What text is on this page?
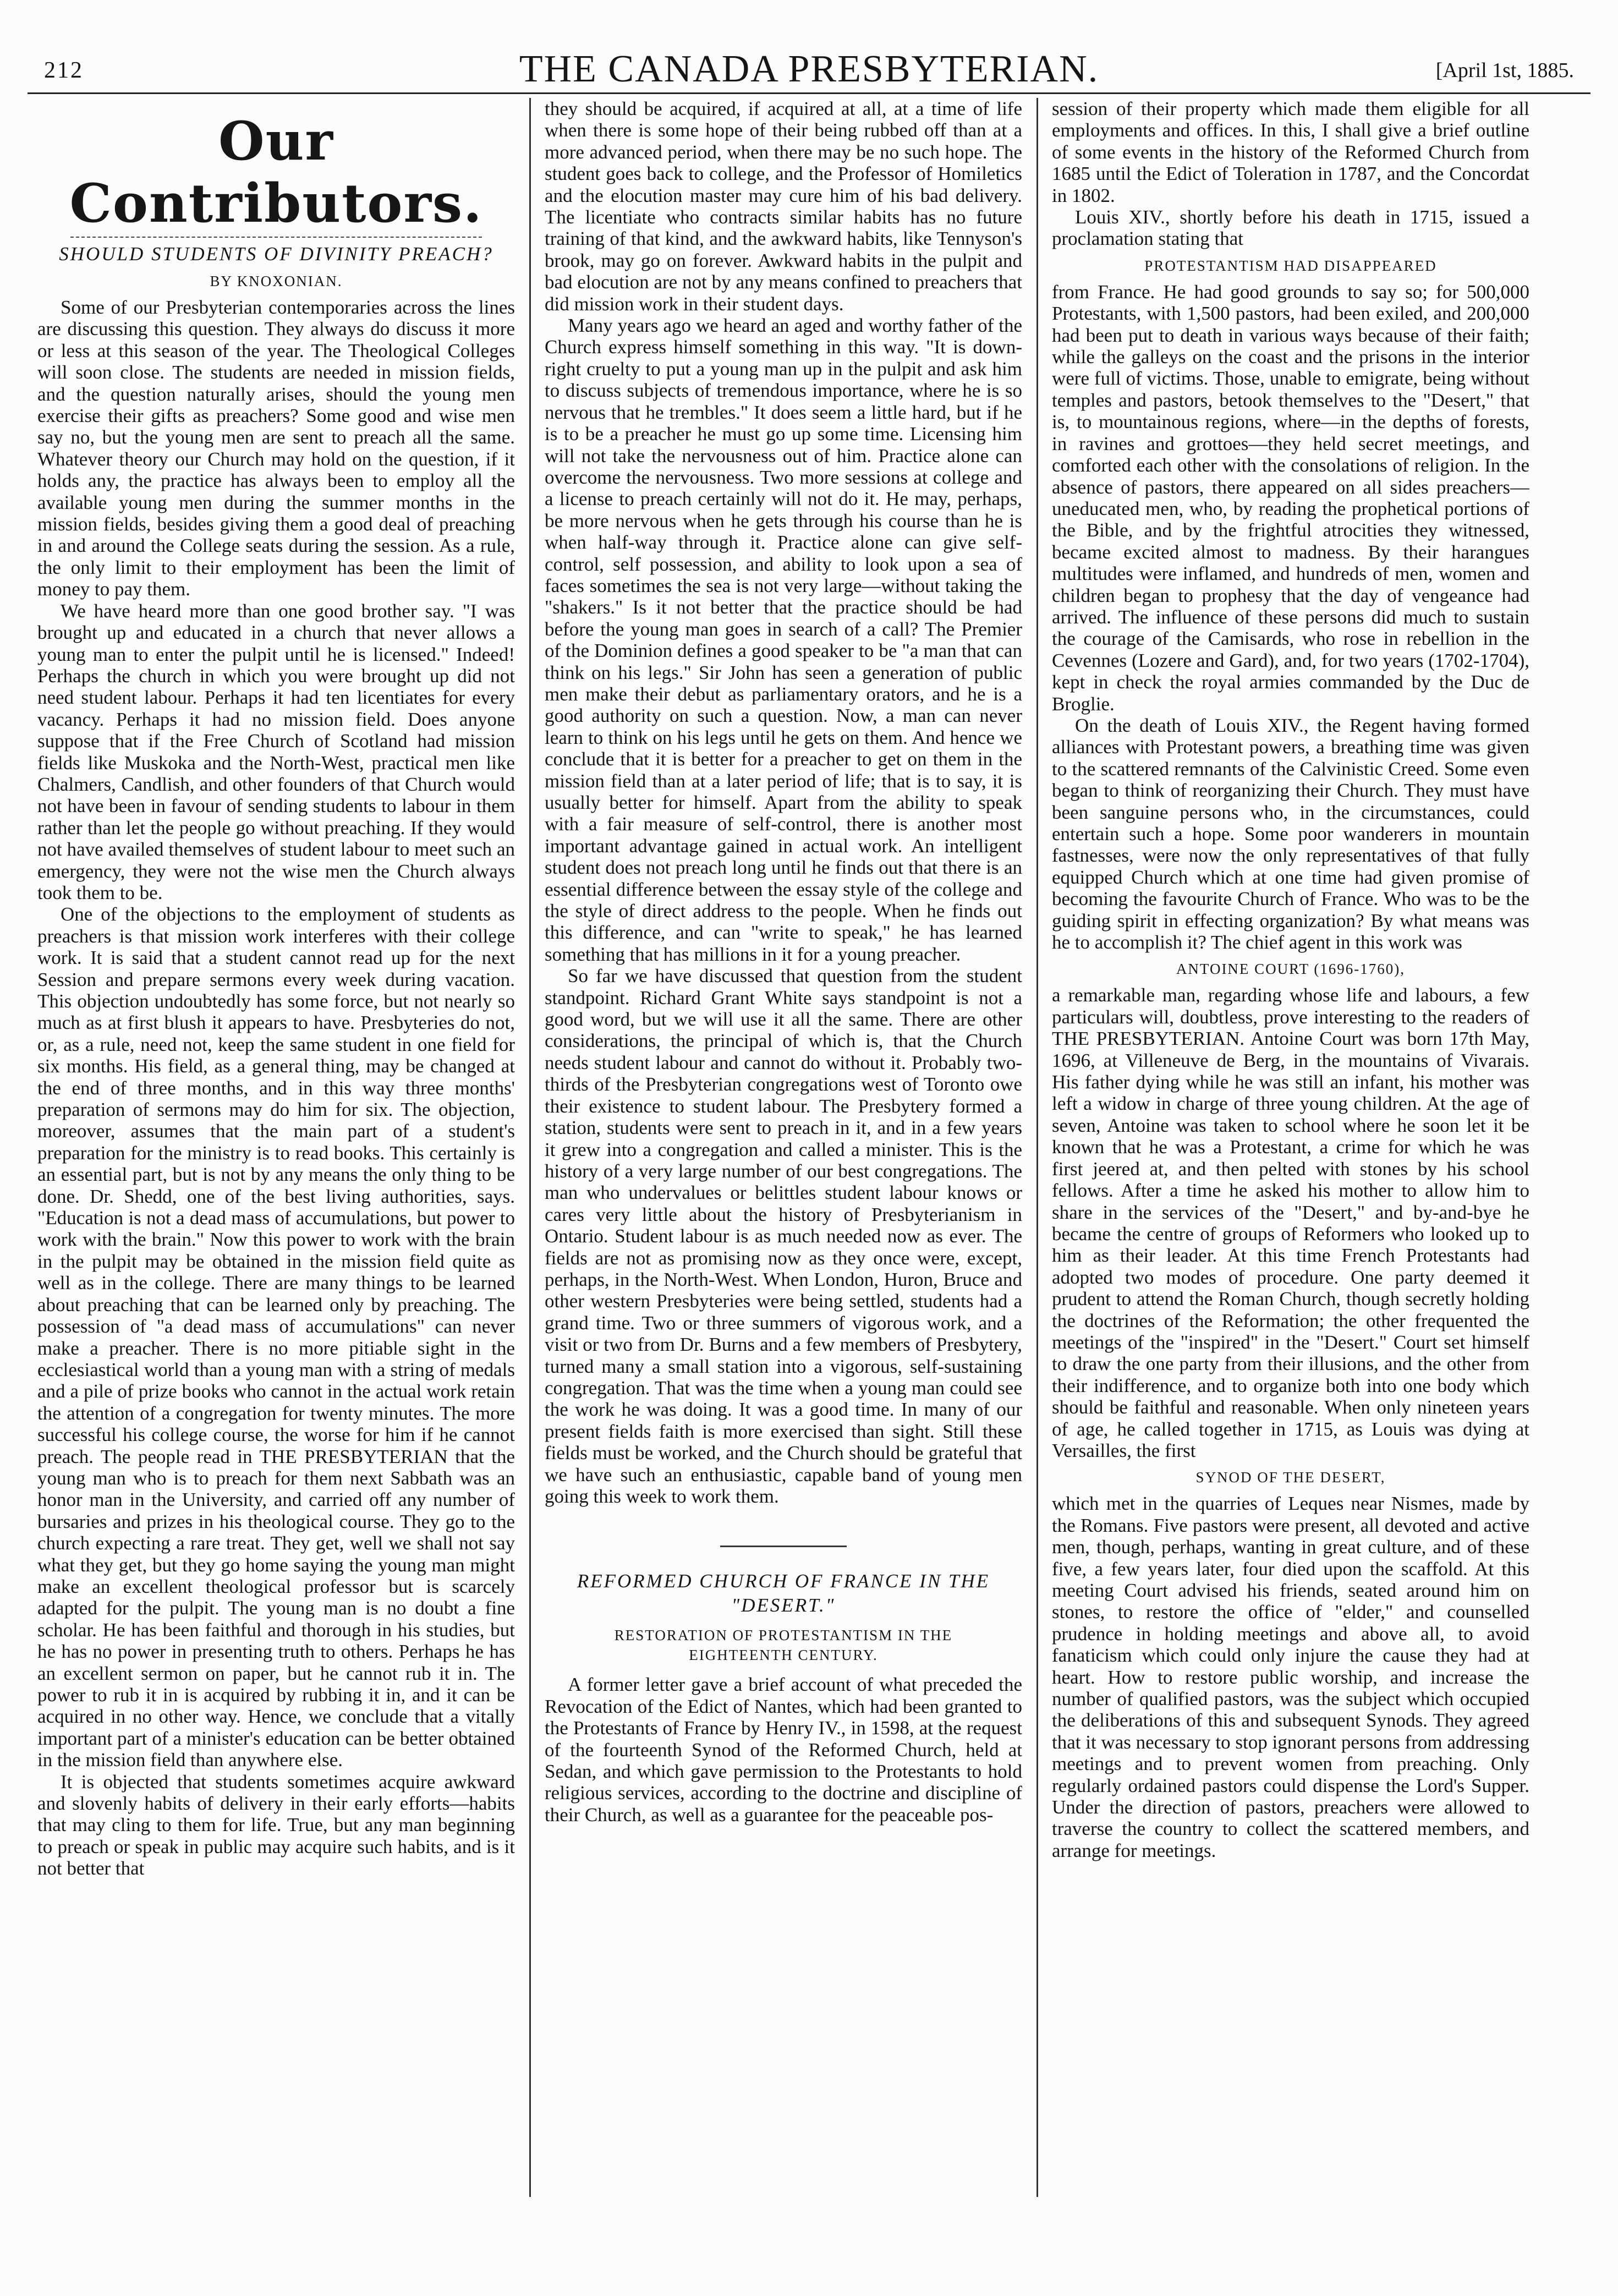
212	THE CANADA PRESBYTERIAN.	[April 1st, 1885.
Our Contributors.
SHOULD STUDENTS OF DIVINITY PREACH?
BY KNOXONIAN.

Some of our Presbyterian contemporaries across the lines are discussing this question. They always do discuss it more or less at this season of the year. The Theological Colleges will soon close. The students are needed in mission fields, and the question naturally arises, should the young men exercise their gifts as preachers? Some good and wise men say no, but the young men are sent to preach all the same. Whatever theory our Church may hold on the question, if it holds any, the practice has always been to employ all the available young men during the summer months in the mission fields, besides giving them a good deal of preaching in and around the College seats during the session. As a rule, the only limit to their employment has been the limit of money to pay them.

We have heard more than one good brother say. "I was brought up and educated in a church that never allows a young man to enter the pulpit until he is licensed." Indeed! Perhaps the church in which you were brought up did not need student labour. Perhaps it had ten licentiates for every vacancy. Perhaps it had no mission field. Does anyone suppose that if the Free Church of Scotland had mission fields like Muskoka and the North-West, practical men like Chalmers, Candlish, and other founders of that Church would not have been in favour of sending students to labour in them rather than let the people go without preaching. If they would not have availed themselves of student labour to meet such an emergency, they were not the wise men the Church always took them to be.

One of the objections to the employment of students as preachers is that mission work interferes with their college work. It is said that a student cannot read up for the next Session and prepare sermons every week during vacation. This objection undoubtedly has some force, but not nearly so much as at first blush it appears to have. Presbyteries do not, or, as a rule, need not, keep the same student in one field for six months. His field, as a general thing, may be changed at the end of three months, and in this way three months' preparation of sermons may do him for six. The objection, moreover, assumes that the main part of a student's preparation for the ministry is to read books. This certainly is an essential part, but is not by any means the only thing to be done. Dr. Shedd, one of the best living authorities, says. "Education is not a dead mass of accumulations, but power to work with the brain." Now this power to work with the brain in the pulpit may be obtained in the mission field quite as well as in the college. There are many things to be learned about preaching that can be learned only by preaching. The possession of "a dead mass of accumulations" can never make a preacher. There is no more pitiable sight in the ecclesiastical world than a young man with a string of medals and a pile of prize books who cannot in the actual work retain the attention of a congregation for twenty minutes. The more successful his college course, the worse for him if he cannot preach. The people read in THE PRESBYTERIAN that the young man who is to preach for them next Sabbath was an honor man in the University, and carried off any number of bursaries and prizes in his theological course. They go to the church expecting a rare treat. They get, well we shall not say what they get, but they go home saying the young man might make an excellent theological professor but is scarcely adapted for the pulpit. The young man is no doubt a fine scholar. He has been faithful and thorough in his studies, but he has no power in presenting truth to others. Perhaps he has an excellent sermon on paper, but he cannot rub it in. The power to rub it in is acquired by rubbing it in, and it can be acquired in no other way. Hence, we conclude that a vitally important part of a minister's education can be better obtained in the mission field than anywhere else.

It is objected that students sometimes acquire awkward and slovenly habits of delivery in their early efforts—habits that may cling to them for life. True, but any man beginning to preach or speak in public may acquire such habits, and is it not better that

they should be acquired, if acquired at all, at a time of life when there is some hope of their being rubbed off than at a more advanced period, when there may be no such hope. The student goes back to college, and the Professor of Homiletics and the elocution master may cure him of his bad delivery. The licentiate who contracts similar habits has no future training of that kind, and the awkward habits, like Tennyson's brook, may go on forever. Awkward habits in the pulpit and bad elocution are not by any means confined to preachers that did mission work in their student days.

Many years ago we heard an aged and worthy father of the Church express himself something in this way. "It is down-right cruelty to put a young man up in the pulpit and ask him to discuss subjects of tremendous importance, where he is so nervous that he trembles." It does seem a little hard, but if he is to be a preacher he must go up some time. Licensing him will not take the nervousness out of him. Practice alone can overcome the nervousness. Two more sessions at college and a license to preach certainly will not do it. He may, perhaps, be more nervous when he gets through his course than he is when half-way through it. Practice alone can give self-control, self possession, and ability to look upon a sea of faces sometimes the sea is not very large—without taking the "shakers." Is it not better that the practice should be had before the young man goes in search of a call? The Premier of the Dominion defines a good speaker to be "a man that can think on his legs." Sir John has seen a generation of public men make their debut as parliamentary orators, and he is a good authority on such a question. Now, a man can never learn to think on his legs until he gets on them. And hence we conclude that it is better for a preacher to get on them in the mission field than at a later period of life; that is to say, it is usually better for himself. Apart from the ability to speak with a fair measure of self-control, there is another most important advantage gained in actual work. An intelligent student does not preach long until he finds out that there is an essential difference between the essay style of the college and the style of direct address to the people. When he finds out this difference, and can "write to speak," he has learned something that has millions in it for a young preacher.

So far we have discussed that question from the student standpoint. Richard Grant White says standpoint is not a good word, but we will use it all the same. There are other considerations, the principal of which is, that the Church needs student labour and cannot do without it. Probably two-thirds of the Presbyterian congregations west of Toronto owe their existence to student labour. The Presbytery formed a station, students were sent to preach in it, and in a few years it grew into a congregation and called a minister. This is the history of a very large number of our best congregations. The man who undervalues or belittles student labour knows or cares very little about the history of Presbyterianism in Ontario. Student labour is as much needed now as ever. The fields are not as promising now as they once were, except, perhaps, in the North-West. When London, Huron, Bruce and other western Presbyteries were being settled, students had a grand time. Two or three summers of vigorous work, and a visit or two from Dr. Burns and a few members of Presbytery, turned many a small station into a vigorous, self-sustaining congregation. That was the time when a young man could see the work he was doing. It was a good time. In many of our present fields faith is more exercised than sight. Still these fields must be worked, and the Church should be grateful that we have such an enthusiastic, capable band of young men going this week to work them.

REFORMED CHURCH OF FRANCE IN THE "DESERT."
RESTORATION OF PROTESTANTISM IN THE EIGHTEENTH CENTURY.

A former letter gave a brief account of what preceded the Revocation of the Edict of Nantes, which had been granted to the Protestants of France by Henry IV., in 1598, at the request of the fourteenth Synod of the Reformed Church, held at Sedan, and which gave permission to the Protestants to hold religious services, according to the doctrine and discipline of their Church, as well as a guarantee for the peaceable pos-

session of their property which made them eligible for all employments and offices. In this, I shall give a brief outline of some events in the history of the Reformed Church from 1685 until the Edict of Toleration in 1787, and the Concordat in 1802.

Louis XIV., shortly before his death in 1715, issued a proclamation stating that

PROTESTANTISM HAD DISAPPEARED

from France. He had good grounds to say so; for 500,000 Protestants, with 1,500 pastors, had been exiled, and 200,000 had been put to death in various ways because of their faith; while the galleys on the coast and the prisons in the interior were full of victims. Those, unable to emigrate, being without temples and pastors, betook themselves to the "Desert," that is, to mountainous regions, where—in the depths of forests, in ravines and grottoes—they held secret meetings, and comforted each other with the consolations of religion. In the absence of pastors, there appeared on all sides preachers—uneducated men, who, by reading the prophetical portions of the Bible, and by the frightful atrocities they witnessed, became excited almost to madness. By their harangues multitudes were inflamed, and hundreds of men, women and children began to prophesy that the day of vengeance had arrived. The influence of these persons did much to sustain the courage of the Camisards, who rose in rebellion in the Cevennes (Lozere and Gard), and, for two years (1702-1704), kept in check the royal armies commanded by the Duc de Broglie.

On the death of Louis XIV., the Regent having formed alliances with Protestant powers, a breathing time was given to the scattered remnants of the Calvinistic Creed. Some even began to think of reorganizing their Church. They must have been sanguine persons who, in the circumstances, could entertain such a hope. Some poor wanderers in mountain fastnesses, were now the only representatives of that fully equipped Church which at one time had given promise of becoming the favourite Church of France. Who was to be the guiding spirit in effecting organization? By what means was he to accomplish it? The chief agent in this work was

ANTOINE COURT (1696-1760),

a remarkable man, regarding whose life and labours, a few particulars will, doubtless, prove interesting to the readers of THE PRESBYTERIAN. Antoine Court was born 17th May, 1696, at Villeneuve de Berg, in the mountains of Vivarais. His father dying while he was still an infant, his mother was left a widow in charge of three young children. At the age of seven, Antoine was taken to school where he soon let it be known that he was a Protestant, a crime for which he was first jeered at, and then pelted with stones by his school fellows. After a time he asked his mother to allow him to share in the services of the "Desert," and by-and-bye he became the centre of groups of Reformers who looked up to him as their leader. At this time French Protestants had adopted two modes of procedure. One party deemed it prudent to attend the Roman Church, though secretly holding the doctrines of the Reformation; the other frequented the meetings of the "inspired" in the "Desert." Court set himself to draw the one party from their illusions, and the other from their indifference, and to organize both into one body which should be faithful and reasonable. When only nineteen years of age, he called together in 1715, as Louis was dying at Versailles, the first

SYNOD OF THE DESERT,

which met in the quarries of Leques near Nismes, made by the Romans. Five pastors were present, all devoted and active men, though, perhaps, wanting in great culture, and of these five, a few years later, four died upon the scaffold. At this meeting Court advised his friends, seated around him on stones, to restore the office of "elder," and counselled prudence in holding meetings and above all, to avoid fanaticism which could only injure the cause they had at heart. How to restore public worship, and increase the number of qualified pastors, was the subject which occupied the deliberations of this and subsequent Synods. They agreed that it was necessary to stop ignorant persons from addressing meetings and to prevent women from preaching. Only regularly ordained pastors could dispense the Lord's Supper. Under the direction of pastors, preachers were allowed to traverse the country to collect the scattered members, and arrange for meetings.
